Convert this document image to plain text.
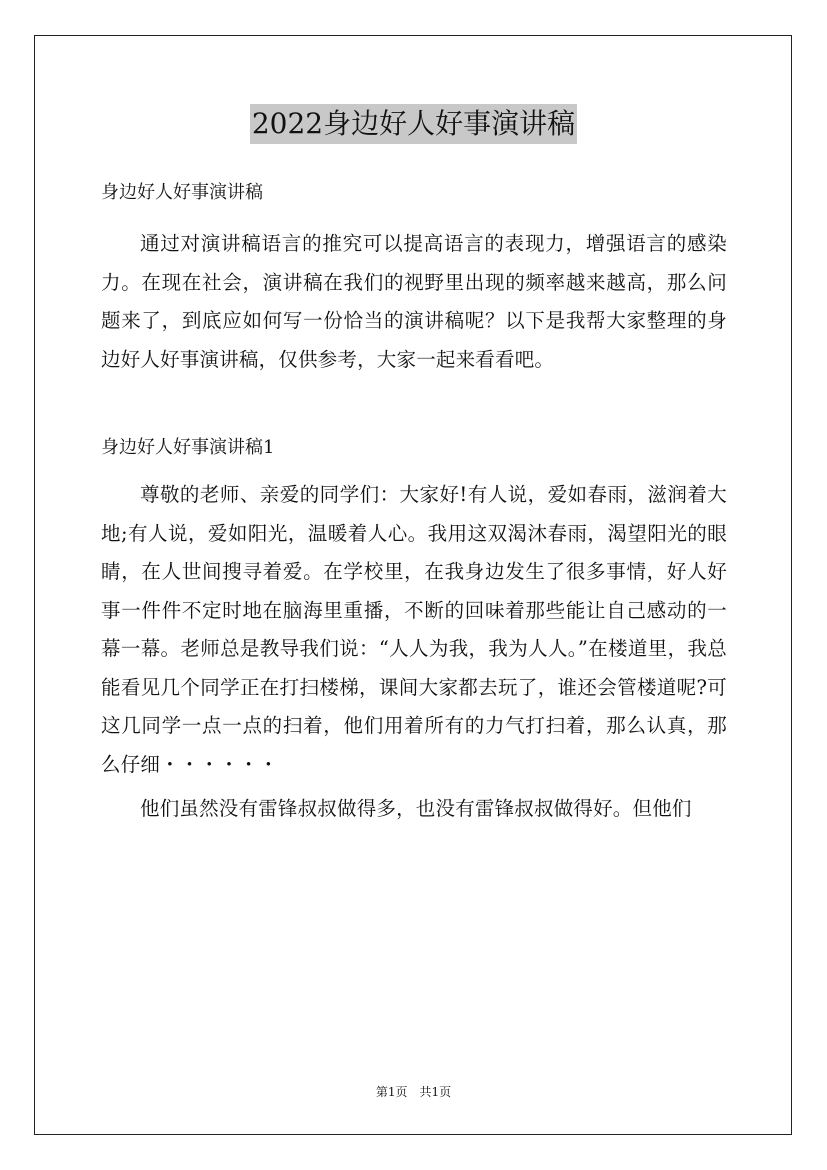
2022身边好人好事演讲稿
身边好人好事演讲稿
通过对演讲稿语言的推究可以提高语言的表现力，增强语言的感染力。在现在社会，演讲稿在我们的视野里出现的频率越来越高，那么问题来了，到底应如何写一份恰当的演讲稿呢？以下是我帮大家整理的身边好人好事演讲稿，仅供参考，大家一起来看看吧。
身边好人好事演讲稿1
尊敬的老师、亲爱的同学们：大家好!有人说，爱如春雨，滋润着大地;有人说，爱如阳光，温暖着人心。我用这双渴沐春雨，渴望阳光的眼睛，在人世间搜寻着爱。在学校里，在我身边发生了很多事情，好人好事一件件不定时地在脑海里重播，不断的回味着那些能让自己感动的一幕一幕。老师总是教导我们说：“人人为我，我为人人。”在楼道里，我总能看见几个同学正在打扫楼梯，课间大家都去玩了，谁还会管楼道呢?可这几同学一点一点的扫着，他们用着所有的力气打扫着，那么认真，那么仔细・・・・・・
他们虽然没有雷锋叔叔做得多，也没有雷锋叔叔做得好。但他们
第1页　共1页
